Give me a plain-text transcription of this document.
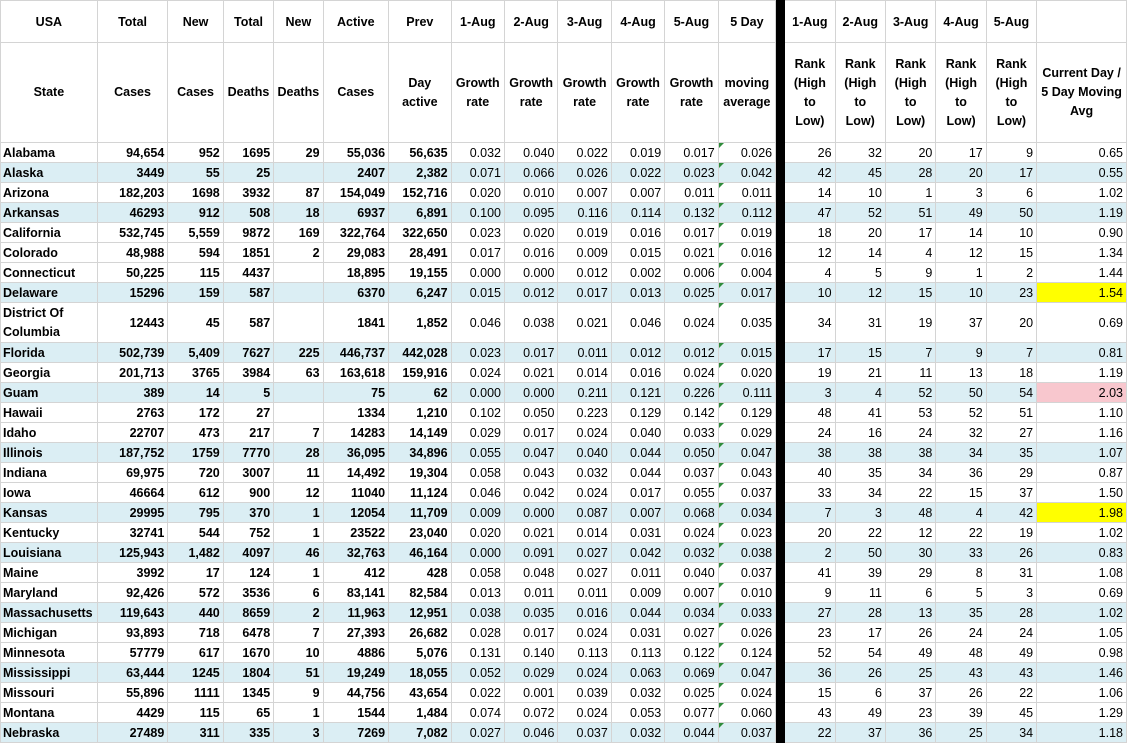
USA	Total	New	Total	New	Active	Prev	1-Aug	2-Aug	3-Aug	4-Aug	5-Aug	5 Day		1-Aug	2-Aug	3-Aug	4-Aug	5-Aug	
State	Cases	Cases	Deaths	Deaths	Cases	Day active	Growth rate	Growth rate	Growth rate	Growth rate	Growth rate	moving average		Rank (High to Low)	Rank (High to Low)	Rank (High to Low)	Rank (High to Low)	Rank (High to Low)	Current Day / 5 Day Moving Avg
Alabama	94,654	952	1695	29	55,036	56,635	0.032	0.040	0.022	0.019	0.017	0.026		26	32	20	17	9	0.65
Alaska	3449	55	25		2407	2,382	0.071	0.066	0.026	0.022	0.023	0.042		42	45	28	20	17	0.55
Arizona	182,203	1698	3932	87	154,049	152,716	0.020	0.010	0.007	0.007	0.011	0.011		14	10	1	3	6	1.02
Arkansas	46293	912	508	18	6937	6,891	0.100	0.095	0.116	0.114	0.132	0.112		47	52	51	49	50	1.19
California	532,745	5,559	9872	169	322,764	322,650	0.023	0.020	0.019	0.016	0.017	0.019		18	20	17	14	10	0.90
Colorado	48,988	594	1851	2	29,083	28,491	0.017	0.016	0.009	0.015	0.021	0.016		12	14	4	12	15	1.34
Connecticut	50,225	115	4437		18,895	19,155	0.000	0.000	0.012	0.002	0.006	0.004		4	5	9	1	2	1.44
Delaware	15296	159	587		6370	6,247	0.015	0.012	0.017	0.013	0.025	0.017		10	12	15	10	23	1.54
District Of Columbia	12443	45	587		1841	1,852	0.046	0.038	0.021	0.046	0.024	0.035		34	31	19	37	20	0.69
Florida	502,739	5,409	7627	225	446,737	442,028	0.023	0.017	0.011	0.012	0.012	0.015		17	15	7	9	7	0.81
Georgia	201,713	3765	3984	63	163,618	159,916	0.024	0.021	0.014	0.016	0.024	0.020		19	21	11	13	18	1.19
Guam	389	14	5		75	62	0.000	0.000	0.211	0.121	0.226	0.111		3	4	52	50	54	2.03
Hawaii	2763	172	27		1334	1,210	0.102	0.050	0.223	0.129	0.142	0.129		48	41	53	52	51	1.10
Idaho	22707	473	217	7	14283	14,149	0.029	0.017	0.024	0.040	0.033	0.029		24	16	24	32	27	1.16
Illinois	187,752	1759	7770	28	36,095	34,896	0.055	0.047	0.040	0.044	0.050	0.047		38	38	38	34	35	1.07
Indiana	69,975	720	3007	11	14,492	19,304	0.058	0.043	0.032	0.044	0.037	0.043		40	35	34	36	29	0.87
Iowa	46664	612	900	12	11040	11,124	0.046	0.042	0.024	0.017	0.055	0.037		33	34	22	15	37	1.50
Kansas	29995	795	370	1	12054	11,709	0.009	0.000	0.087	0.007	0.068	0.034		7	3	48	4	42	1.98
Kentucky	32741	544	752	1	23522	23,040	0.020	0.021	0.014	0.031	0.024	0.023		20	22	12	22	19	1.02
Louisiana	125,943	1,482	4097	46	32,763	46,164	0.000	0.091	0.027	0.042	0.032	0.038		2	50	30	33	26	0.83
Maine	3992	17	124	1	412	428	0.058	0.048	0.027	0.011	0.040	0.037		41	39	29	8	31	1.08
Maryland	92,426	572	3536	6	83,141	82,584	0.013	0.011	0.011	0.009	0.007	0.010		9	11	6	5	3	0.69
Massachusetts	119,643	440	8659	2	11,963	12,951	0.038	0.035	0.016	0.044	0.034	0.033		27	28	13	35	28	1.02
Michigan	93,893	718	6478	7	27,393	26,682	0.028	0.017	0.024	0.031	0.027	0.026		23	17	26	24	24	1.05
Minnesota	57779	617	1670	10	4886	5,076	0.131	0.140	0.113	0.113	0.122	0.124		52	54	49	48	49	0.98
Mississippi	63,444	1245	1804	51	19,249	18,055	0.052	0.029	0.024	0.063	0.069	0.047		36	26	25	43	43	1.46
Missouri	55,896	1111	1345	9	44,756	43,654	0.022	0.001	0.039	0.032	0.025	0.024		15	6	37	26	22	1.06
Montana	4429	115	65	1	1544	1,484	0.074	0.072	0.024	0.053	0.077	0.060		43	49	23	39	45	1.29
Nebraska	27489	311	335	3	7269	7,082	0.027	0.046	0.037	0.032	0.044	0.037		22	37	36	25	34	1.18
